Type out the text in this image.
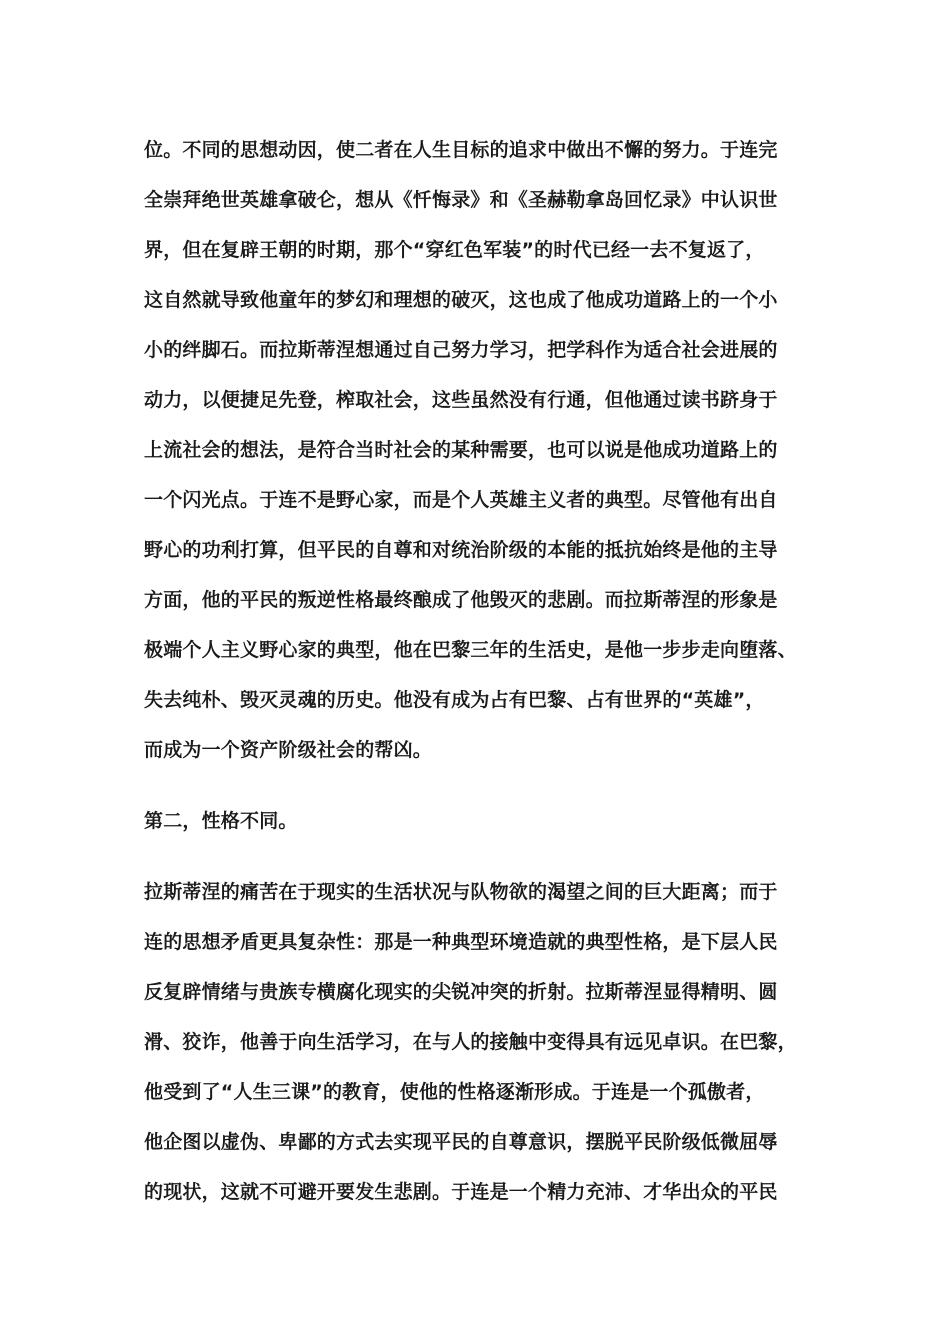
位。不同的思想动因，使二者在人生目标的追求中做出不懈的努力。于连完
全崇拜绝世英雄拿破仑，想从《忏悔录》和《圣赫勒拿岛回忆录》中认识世
界，但在复辟王朝的时期，那个“穿红色军装”的时代已经一去不复返了，
这自然就导致他童年的梦幻和理想的破灭，这也成了他成功道路上的一个小
小的绊脚石。而拉斯蒂涅想通过自己努力学习，把学科作为适合社会进展的
动力，以便捷足先登，榨取社会，这些虽然没有行通，但他通过读书跻身于
上流社会的想法，是符合当时社会的某种需要，也可以说是他成功道路上的
一个闪光点。于连不是野心家，而是个人英雄主义者的典型。尽管他有出自
野心的功利打算，但平民的自尊和对统治阶级的本能的抵抗始终是他的主导
方面，他的平民的叛逆性格最终酿成了他毁灭的悲剧。而拉斯蒂涅的形象是
极端个人主义野心家的典型，他在巴黎三年的生活史，是他一步步走向堕落、
失去纯朴、毁灭灵魂的历史。他没有成为占有巴黎、占有世界的“英雄”，
而成为一个资产阶级社会的帮凶。
第二，性格不同。
拉斯蒂涅的痛苦在于现实的生活状况与队物欲的渴望之间的巨大距离；而于
连的思想矛盾更具复杂性：那是一种典型环境造就的典型性格，是下层人民
反复辟情绪与贵族专横腐化现实的尖锐冲突的折射。拉斯蒂涅显得精明、圆
滑、狡诈，他善于向生活学习，在与人的接触中变得具有远见卓识。在巴黎，
他受到了“人生三课”的教育，使他的性格逐渐形成。于连是一个孤傲者，
他企图以虚伪、卑鄙的方式去实现平民的自尊意识，摆脱平民阶级低微屈辱
的现状，这就不可避开要发生悲剧。于连是一个精力充沛、才华出众的平民
